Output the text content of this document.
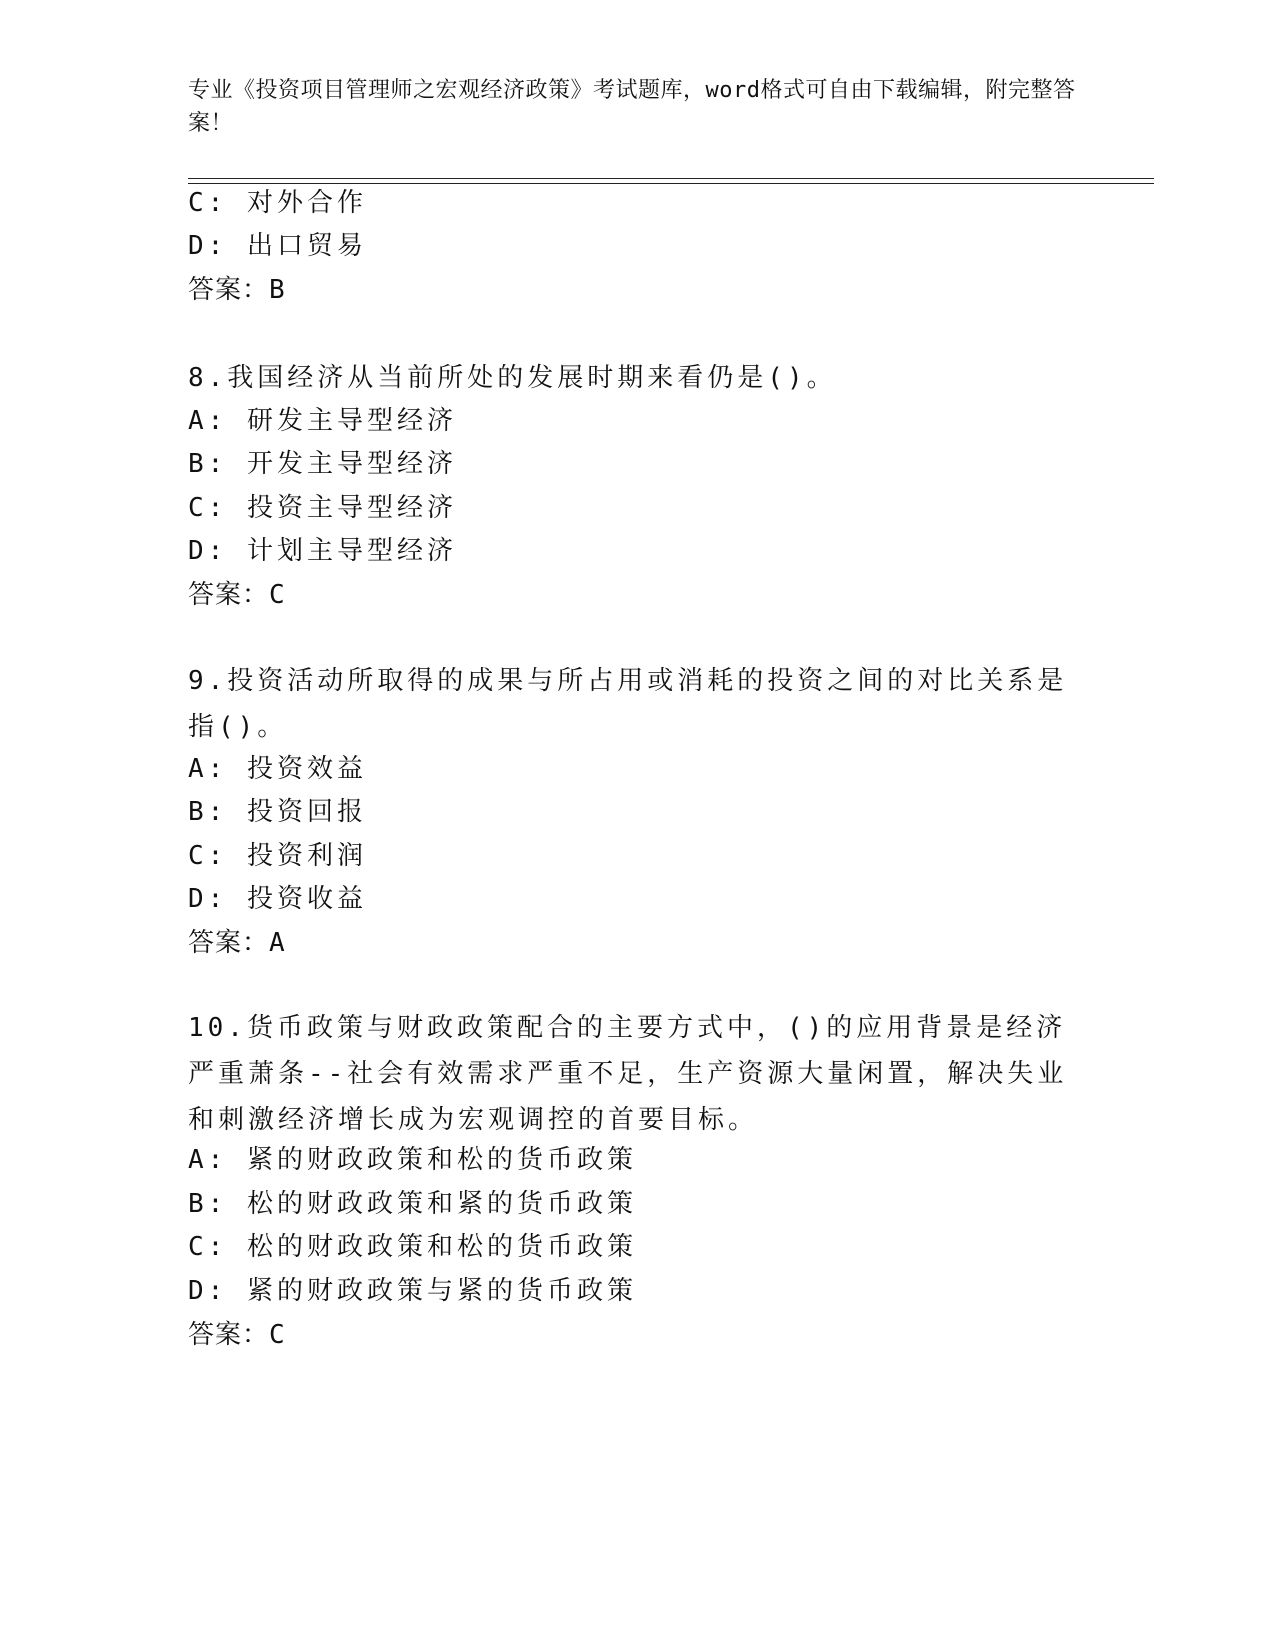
专业《投资项目管理师之宏观经济政策》考试题库，word格式可自由下载编辑，附完整答案！
C: 对外合作
D: 出口贸易
答案：B
8.我国经济从当前所处的发展时期来看仍是()。
A: 研发主导型经济
B: 开发主导型经济
C: 投资主导型经济
D: 计划主导型经济
答案：C
9.投资活动所取得的成果与所占用或消耗的投资之间的对比关系是指()。
A: 投资效益
B: 投资回报
C: 投资利润
D: 投资收益
答案：A
10.货币政策与财政政策配合的主要方式中，()的应用背景是经济严重萧条--社会有效需求严重不足，生产资源大量闲置，解决失业和刺激经济增长成为宏观调控的首要目标。
A: 紧的财政政策和松的货币政策
B: 松的财政政策和紧的货币政策
C: 松的财政政策和松的货币政策
D: 紧的财政政策与紧的货币政策
答案：C
